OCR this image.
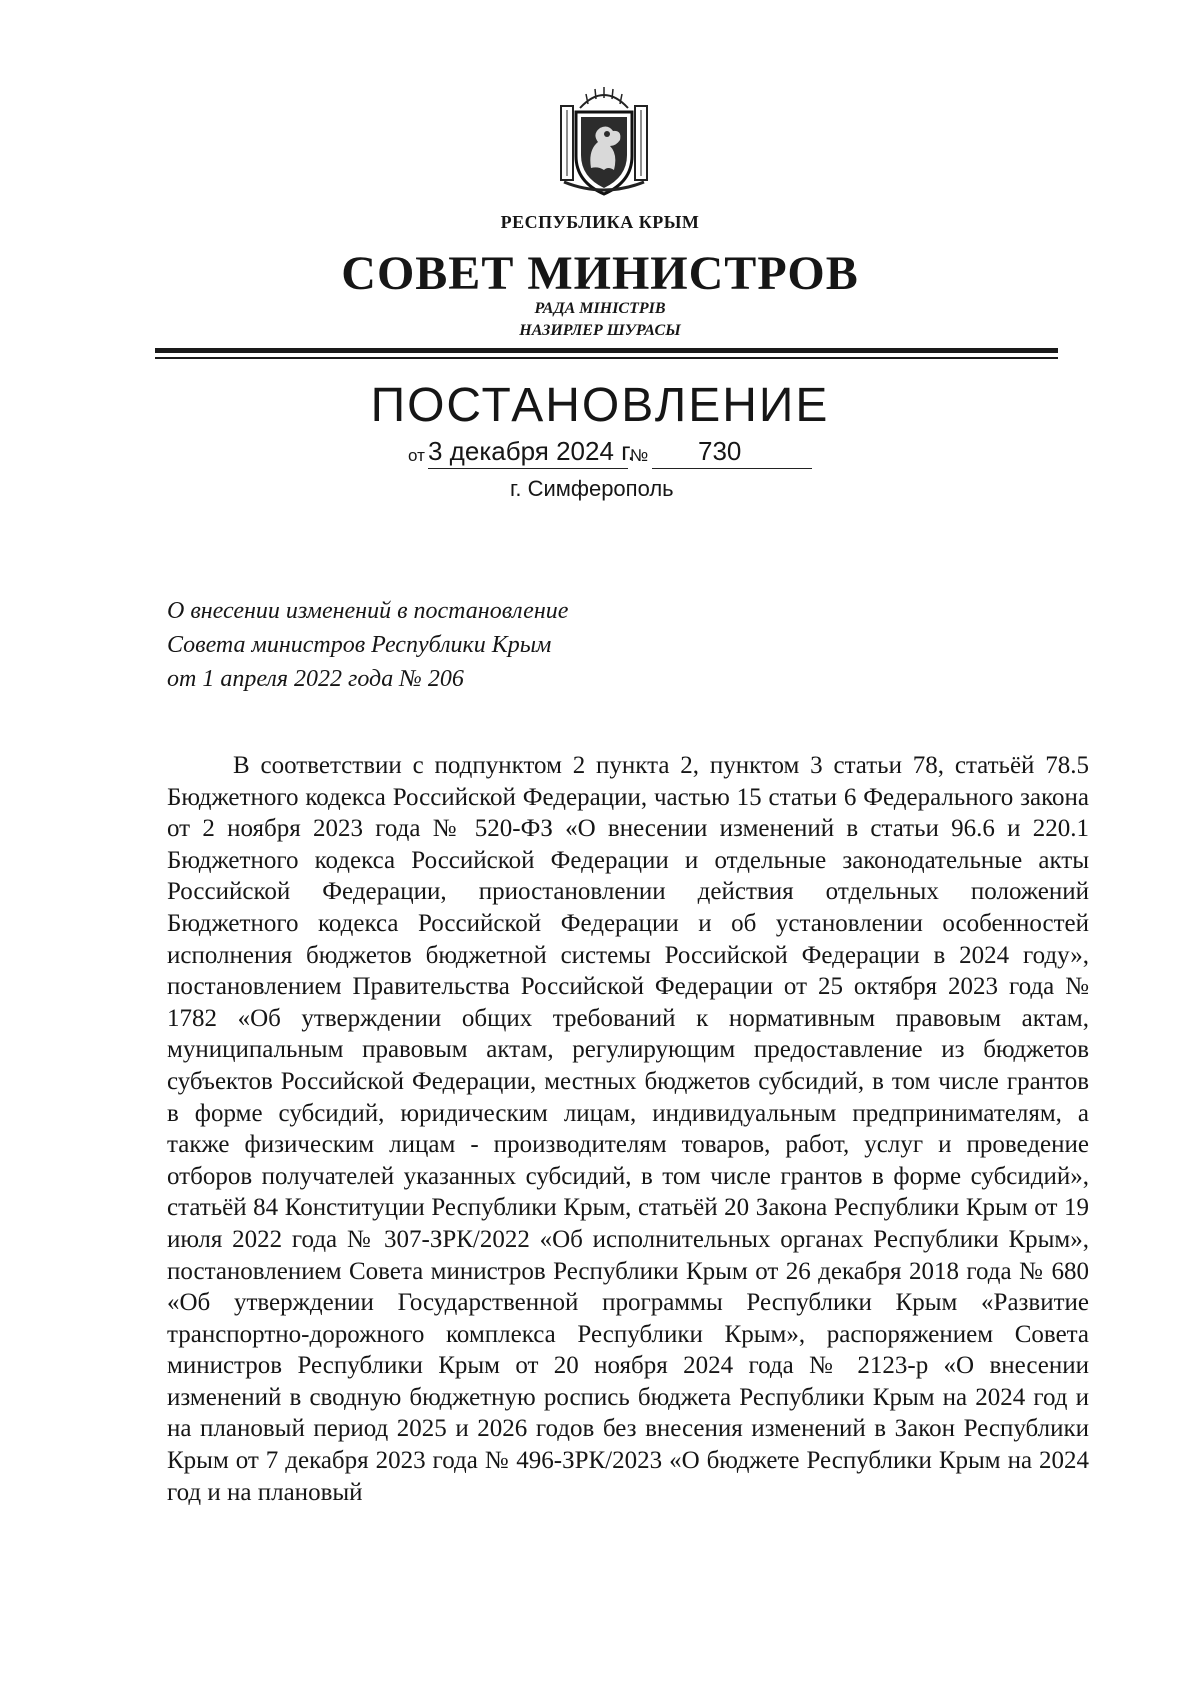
РЕСПУБЛИКА КРЫМ
СОВЕТ МИНИСТРОВ
РАДА МІНІСТРІВ
НАЗИРЛЕР ШУРАСЫ
ПОСТАНОВЛЕНИЕ
от 3 декабря 2024 г.
№ 730
г. Симферополь
О внесении изменений в постановление
Совета министров Республики Крым
от 1 апреля 2022 года № 206
В соответствии с подпунктом 2 пункта 2, пунктом 3 статьи 78, статьёй 78.5 Бюджетного кодекса Российской Федерации, частью 15 статьи 6 Федерального закона от 2 ноября 2023 года № 520-ФЗ «О внесении изменений в статьи 96.6 и 220.1 Бюджетного кодекса Российской Федерации и отдельные законодательные акты Российской Федерации, приостановлении действия отдельных положений Бюджетного кодекса Российской Федерации и об установлении особенностей исполнения бюджетов бюджетной системы Российской Федерации в 2024 году», постановлением Правительства Российской Федерации от 25 октября 2023 года № 1782 «Об утверждении общих требований к нормативным правовым актам, муниципальным правовым актам, регулирующим предоставление из бюджетов субъектов Российской Федерации, местных бюджетов субсидий, в том числе грантов в форме субсидий, юридическим лицам, индивидуальным предпринимателям, а также физическим лицам - производителям товаров, работ, услуг и проведение отборов получателей указанных субсидий, в том числе грантов в форме субсидий», статьёй 84 Конституции Республики Крым, статьёй 20 Закона Республики Крым от 19 июля 2022 года № 307-ЗРК/2022 «Об исполнительных органах Республики Крым», постановлением Совета министров Республики Крым от 26 декабря 2018 года № 680 «Об утверждении Государственной программы Республики Крым «Развитие транспортно-дорожного комплекса Республики Крым», распоряжением Совета министров Республики Крым от 20 ноября 2024 года № 2123-р «О внесении изменений в сводную бюджетную роспись бюджета Республики Крым на 2024 год и на плановый период 2025 и 2026 годов без внесения изменений в Закон Республики Крым от 7 декабря 2023 года № 496-ЗРК/2023 «О бюджете Республики Крым на 2024 год и на плановый
